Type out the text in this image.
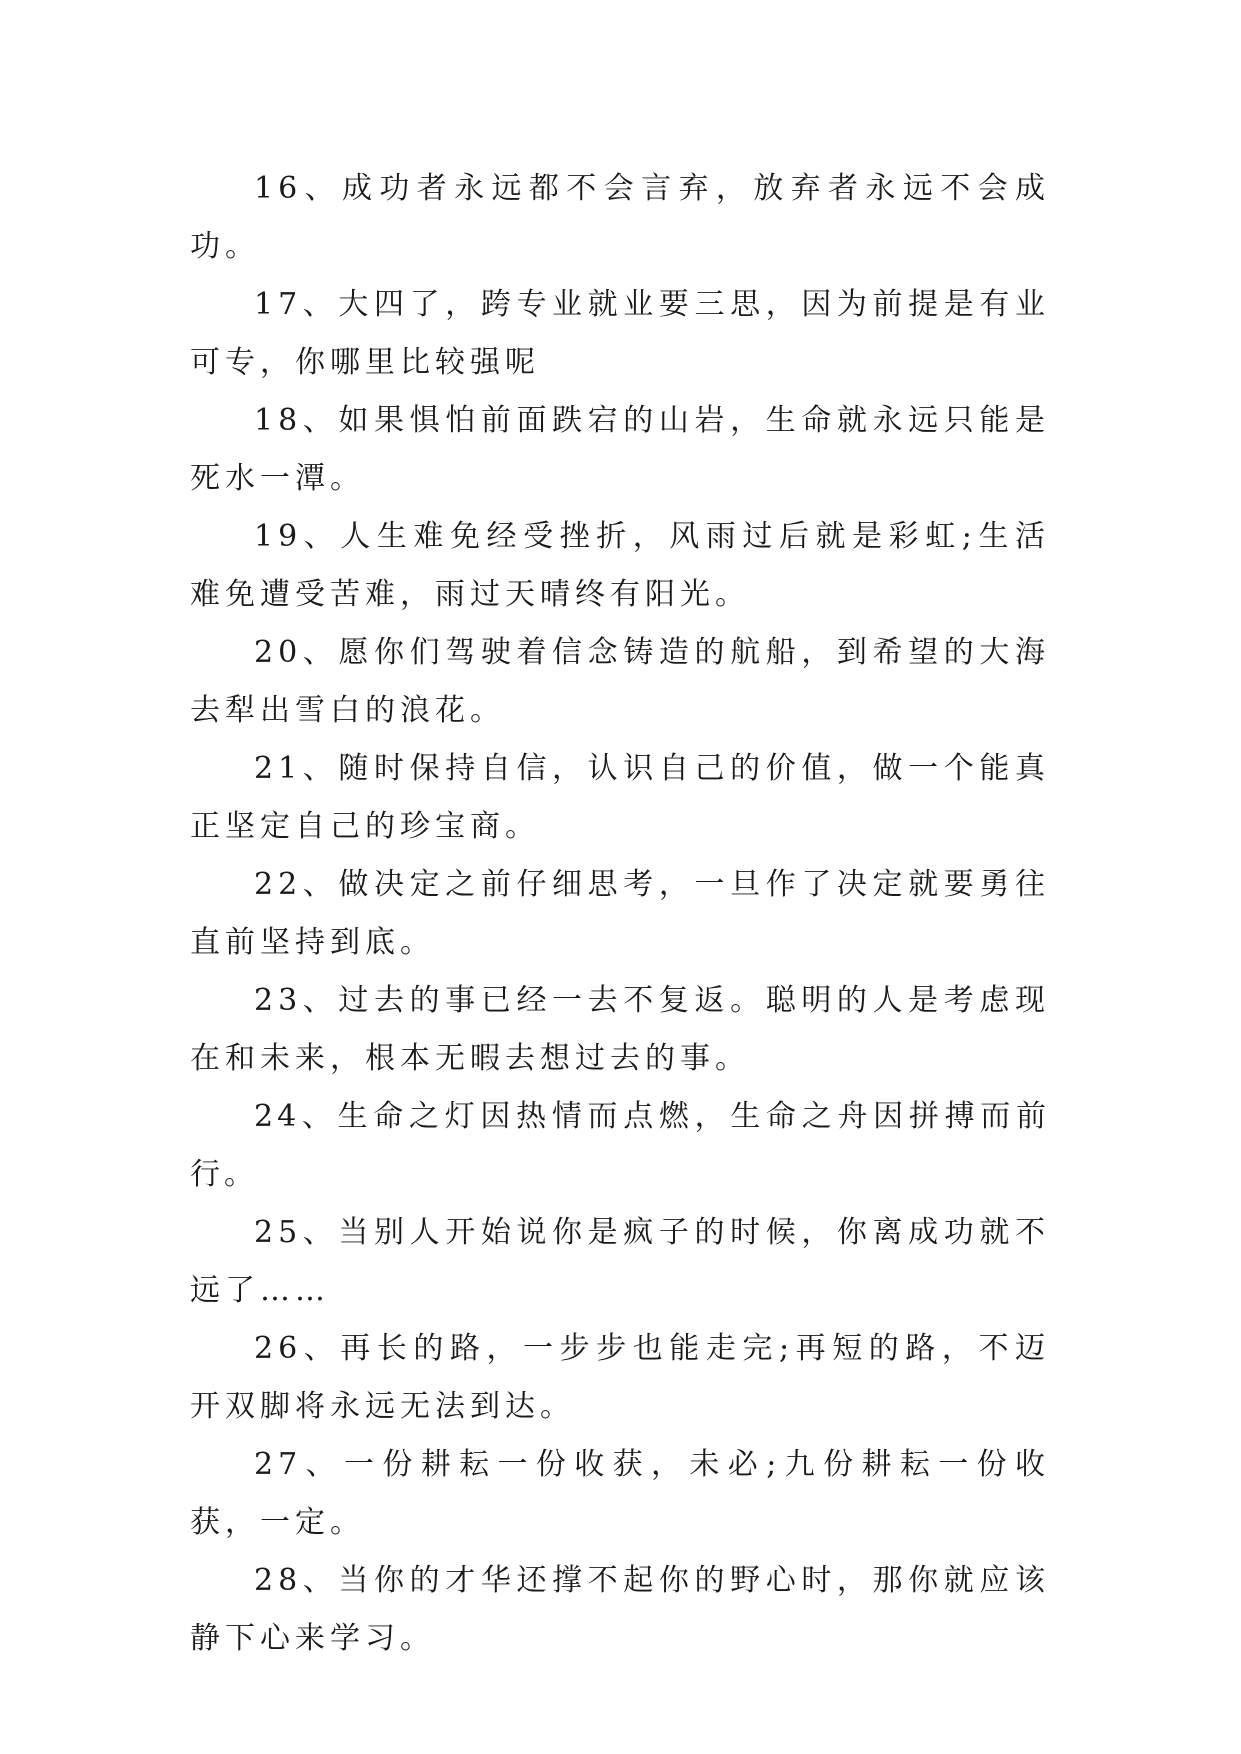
16、成功者永远都不会言弃，放弃者永远不会成功。

17、大四了，跨专业就业要三思，因为前提是有业可专，你哪里比较强呢

18、如果惧怕前面跌宕的山岩，生命就永远只能是死水一潭。

19、人生难免经受挫折，风雨过后就是彩虹;生活难免遭受苦难，雨过天晴终有阳光。

20、愿你们驾驶着信念铸造的航船，到希望的大海去犁出雪白的浪花。

21、随时保持自信，认识自己的价值，做一个能真正坚定自己的珍宝商。

22、做决定之前仔细思考，一旦作了决定就要勇往直前坚持到底。

23、过去的事已经一去不复返。聪明的人是考虑现在和未来，根本无暇去想过去的事。

24、生命之灯因热情而点燃，生命之舟因拼搏而前行。

25、当别人开始说你是疯子的时候，你离成功就不远了……

26、再长的路，一步步也能走完;再短的路，不迈开双脚将永远无法到达。

27、一份耕耘一份收获，未必;九份耕耘一份收获，一定。

28、当你的才华还撑不起你的野心时，那你就应该静下心来学习。
